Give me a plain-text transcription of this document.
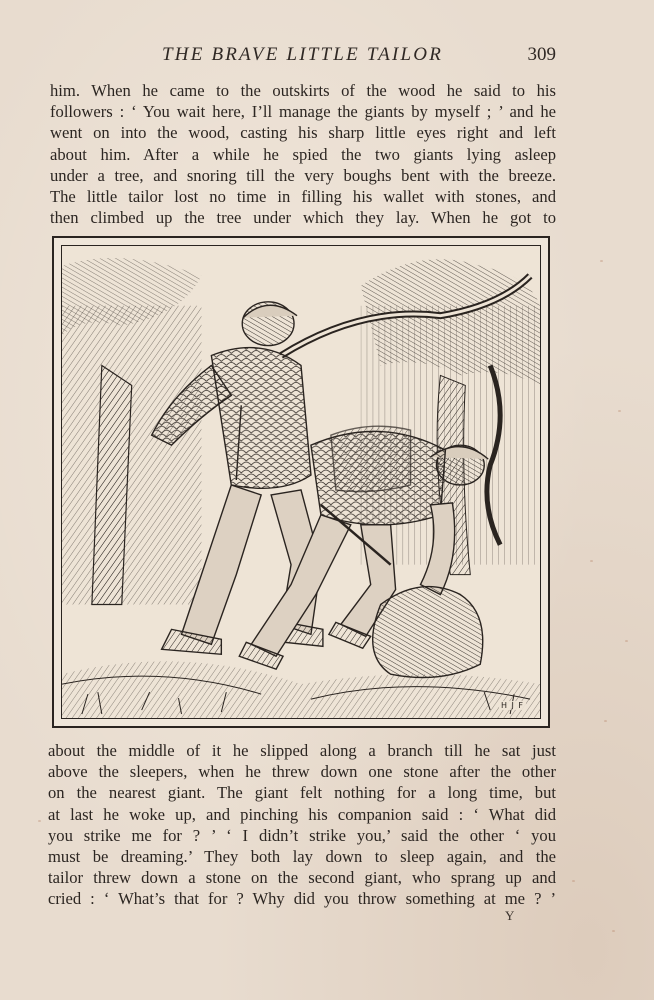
THE BRAVE LITTLE TAILOR	309
him. When he came to the outskirts of the wood he said to his
followers : ‘ You wait here, I’ll manage the giants by myself ; ’ and he
went on into the wood, casting his sharp little eyes right and left
about him. After a while he spied the two giants lying asleep
under a tree, and snoring till the very boughs bent with the breeze.
The little tailor lost no time in filling his wallet with stones, and
then climbed up the tree under which they lay. When he got to
H J F
about the middle of it he slipped along a branch till he sat just
above the sleepers, when he threw down one stone after the other
on the nearest giant. The giant felt nothing for a long time, but
at last he woke up, and pinching his companion said : ‘ What did
you strike me for ? ’ ‘ I didn’t strike you,’ said the other ‘ you
must be dreaming.’ They both lay down to sleep again, and the
tailor threw down a stone on the second giant, who sprang up and
cried : ‘ What’s that for ? Why did you throw something at me ? ’
Y
